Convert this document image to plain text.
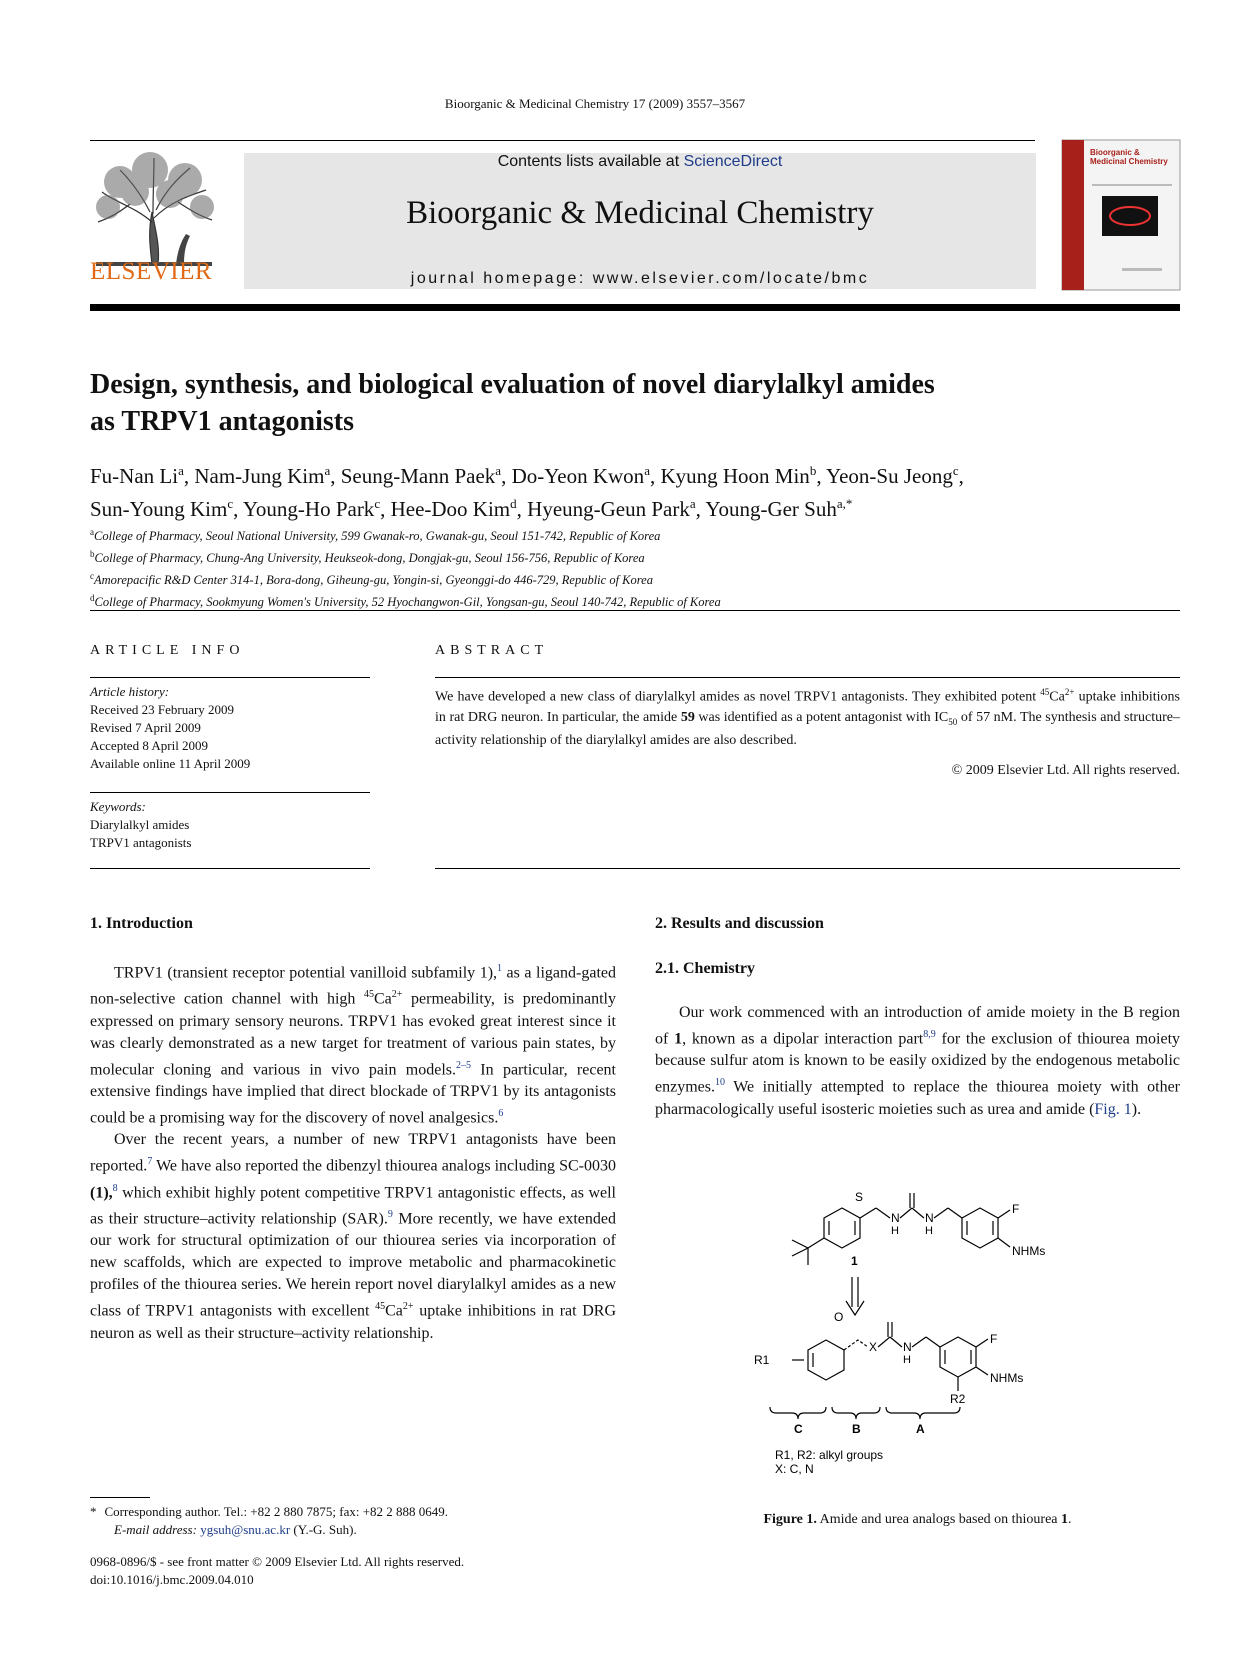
Bioorganic & Medicinal Chemistry 17 (2009) 3557–3567
ELSEVIER
Contents lists available at ScienceDirect
Bioorganic & Medicinal Chemistry
journal homepage: www.elsevier.com/locate/bmc
Bioorganic & Medicinal Chemistry
Design, synthesis, and biological evaluation of novel diarylalkyl amides
as TRPV1 antagonists
Fu-Nan Li$^a$, Nam-Jung Kim$^a$, Seung-Mann Paek$^a$, Do-Yeon Kwon$^a$, Kyung Hoon Min$^b$, Yeon-Su Jeong$^c$,
Sun-Young Kim$^c$, Young-Ho Park$^c$, Hee-Doo Kim$^d$, Hyeung-Geun Park$^a$, Young-Ger Suh$^{a,*}$
$^a$College of Pharmacy, Seoul National University, 599 Gwanak-ro, Gwanak-gu, Seoul 151-742, Republic of Korea
$^b$College of Pharmacy, Chung-Ang University, Heukseok-dong, Dongjak-gu, Seoul 156-756, Republic of Korea
$^c$Amorepacific R&D Center 314-1, Bora-dong, Giheung-gu, Yongin-si, Gyeonggi-do 446-729, Republic of Korea
$^d$College of Pharmacy, Sookmyung Women's University, 52 Hyochangwon-Gil, Yongsan-gu, Seoul 140-742, Republic of Korea
ARTICLE INFO
Article history:
Received 23 February 2009
Revised 7 April 2009
Accepted 8 April 2009
Available online 11 April 2009
Keywords:
Diarylalkyl amides
TRPV1 antagonists
ABSTRACT
We have developed a new class of diarylalkyl amides as novel TRPV1 antagonists. They exhibited potent $^{45}Ca^{2+}$ uptake inhibitions in rat DRG neuron. In particular, the amide 59 was identified as a potent antagonist with $IC_{50}$ of 57 nM. The synthesis and structure–activity relationship of the diarylalkyl amides are also described.
© 2009 Elsevier Ltd. All rights reserved.
1. Introduction

TRPV1 (transient receptor potential vanilloid subfamily 1),$^1$ as a ligand-gated non-selective cation channel with high $^{45}Ca^{2+}$ permeability, is predominantly expressed on primary sensory neurons. TRPV1 has evoked great interest since it was clearly demonstrated as a new target for treatment of various pain states, by molecular cloning and various in vivo pain models.$^{2-5}$ In particular, recent extensive findings have implied that direct blockade of TRPV1 by its antagonists could be a promising way for the discovery of novel analgesics.$^6$

Over the recent years, a number of new TRPV1 antagonists have been reported.$^7$ We have also reported the dibenzyl thiourea analogs including SC-0030 (1),$^8$ which exhibit highly potent competitive TRPV1 antagonistic effects, as well as their structure–activity relationship (SAR).$^9$ More recently, we have extended our work for structural optimization of our thiourea series via incorporation of new scaffolds, which are expected to improve metabolic and pharmacokinetic profiles of the thiourea series. We herein report novel diarylalkyl amides as a new class of TRPV1 antagonists with excellent $^{45}Ca^{2+}$ uptake inhibitions in rat DRG neuron as well as their structure–activity relationship.

2. Results and discussion
2.1. Chemistry

Our work commenced with an introduction of amide moiety in the B region of 1, known as a dipolar interaction part$^{8,9}$ for the exclusion of thiourea moiety because sulfur atom is known to be easily oxidized by the endogenous metabolic enzymes.$^{10}$ We initially attempted to replace the thiourea moiety with other pharmacologically useful isosteric moieties such as urea and amide (Fig. 1).

S
N
H
N
H
F
NHMs
1
O
R1
X N
H
F
NHMs
R2
C	B	A
R1, R2: alkyl groups
X: C, N
Figure 1. Amide and urea analogs based on thiourea 1.
* Corresponding author. Tel.: +82 2 880 7875; fax: +82 2 888 0649.
E-mail address: ygsuh@snu.ac.kr (Y.-G. Suh).
0968-0896/$ - see front matter © 2009 Elsevier Ltd. All rights reserved.
doi:10.1016/j.bmc.2009.04.010
